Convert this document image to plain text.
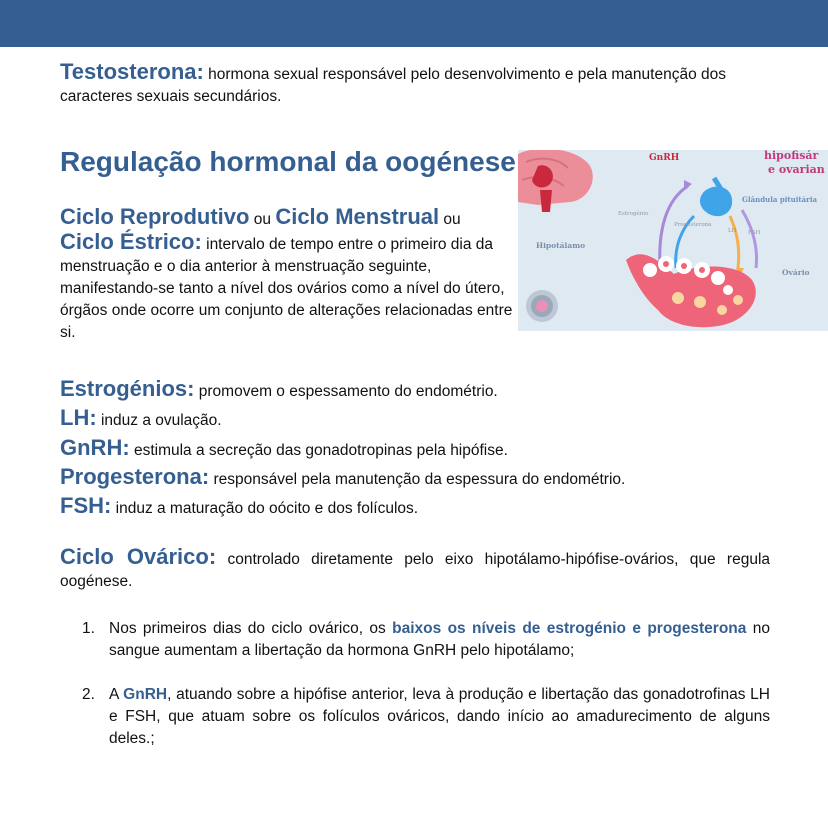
Testosterona: hormona sexual responsável pelo desenvolvimento e pela manutenção dos caracteres sexuais secundários.
Regulação hormonal da oogénese
Ciclo Reprodutivo ou Ciclo Menstrual ou
Ciclo Éstrico: intervalo de tempo entre o primeiro dia da menstruação e o dia anterior à menstruação seguinte, manifestando-se tanto a nível dos ovários como a nível do útero, órgãos onde ocorre um conjunto de alterações relacionadas entre si.
GnRH	hipofisár
e ovarian
Glândula pituitária
Estrogênio
Progesterona
LH FSH
Hipotálamo
Ovário
Estrogénios: promovem o espessamento do endométrio.
LH: induz a ovulação.
GnRH: estimula a secreção das gonadotropinas pela hipófise.
Progesterona: responsável pela manutenção da espessura do endométrio.
FSH: induz a maturação do oócito e dos folículos.
Ciclo Ovárico: controlado diretamente pelo eixo hipotálamo-hipófise-ovários, que regula oogénese.
1. Nos primeiros dias do ciclo ovárico, os baixos os níveis de estrogénio e progesterona no sangue aumentam a libertação da hormona GnRH pelo hipotálamo;
2. A GnRH, atuando sobre a hipófise anterior, leva à produção e libertação das gonadotrofinas LH e FSH, que atuam sobre os folículos ováricos, dando início ao amadurecimento de alguns deles.;
